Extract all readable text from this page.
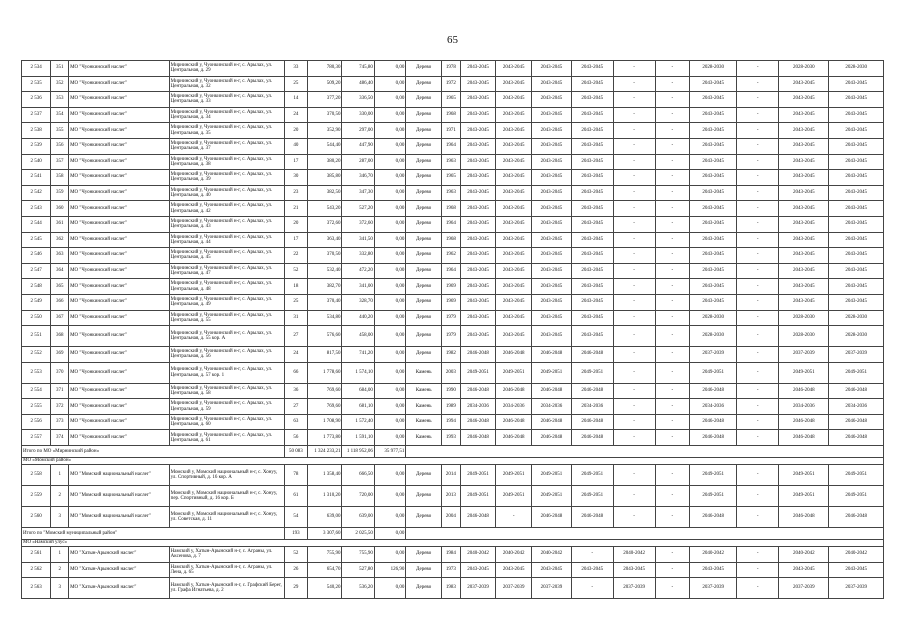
65
2 534	351	МО "Чуонкинский наслег"	Мирнинский у, Чуонкинский н-г, с. Арылах, ул. Центральная, д. 29	33	780,30	745,80	0,00	Дерево	1978	2043-2045	2043-2045	2043-2045	2043-2045	-	-	2028-2030	-	2028-2030	2028-2030
2 535	352	МО "Чуонкинский наслег"	Мирнинский у, Чуонкинский н-г, с. Арылах, ул. Центральная, д. 32	25	509,20	486,40	0,00	Дерево	1972	2043-2045	2043-2045	2043-2045	2043-2045	-	-	2043-2045	-	2043-2045	2043-2045
2 536	353	МО "Чуонкинский наслег"	Мирнинский у, Чуонкинский н-г, с. Арылах, ул. Центральная, д. 33	14	377,20	336,50	0,00	Дерево	1965	2043-2045	2043-2045	2043-2045	2043-2045	-	-	2043-2045	-	2043-2045	2043-2045
2 537	354	МО "Чуонкинский наслег"	Мирнинский у, Чуонкинский н-г, с. Арылах, ул. Центральная, д. 34	24	370,50	330,00	0,00	Дерево	1968	2043-2045	2043-2045	2043-2045	2043-2045	-	-	2043-2045	-	2043-2045	2043-2045
2 538	355	МО "Чуонкинский наслег"	Мирнинский у, Чуонкинский н-г, с. Арылах, ул. Центральная, д. 35	20	352,90	297,00	0,00	Дерево	1971	2043-2045	2043-2045	2043-2045	2043-2045	-	-	2043-2045	-	2043-2045	2043-2045
2 539	356	МО "Чуонкинский наслег"	Мирнинский у, Чуонкинский н-г, с. Арылах, ул. Центральная, д. 37	40	544,40	447,90	0,00	Дерево	1964	2043-2045	2043-2045	2043-2045	2043-2045	-	-	2043-2045	-	2043-2045	2043-2045
2 540	357	МО "Чуонкинский наслег"	Мирнинский у, Чуонкинский н-г, с. Арылах, ул. Центральная, д. 38	17	380,20	287,00	0,00	Дерево	1963	2043-2045	2043-2045	2043-2045	2043-2045	-	-	2043-2045	-	2043-2045	2043-2045
2 541	358	МО "Чуонкинский наслег"	Мирнинский у, Чуонкинский н-г, с. Арылах, ул. Центральная, д. 39	30	385,80	346,70	0,00	Дерево	1965	2043-2045	2043-2045	2043-2045	2043-2045	-	-	2043-2045	-	2043-2045	2043-2045
2 542	359	МО "Чуонкинский наслег"	Мирнинский у, Чуонкинский н-г, с. Арылах, ул. Центральная, д. 40	23	382,50	347,30	0,00	Дерево	1963	2043-2045	2043-2045	2043-2045	2043-2045	-	-	2043-2045	-	2043-2045	2043-2045
2 543	360	МО "Чуонкинский наслег"	Мирнинский у, Чуонкинский н-г, с. Арылах, ул. Центральная, д. 42	21	543,20	527,20	0,00	Дерево	1968	2043-2045	2043-2045	2043-2045	2043-2045	-	-	2043-2045	-	2043-2045	2043-2045
2 544	361	МО "Чуонкинский наслег"	Мирнинский у, Чуонкинский н-г, с. Арылах, ул. Центральная, д. 43	20	372,60	372,60	0,00	Дерево	1964	2043-2045	2043-2045	2043-2045	2043-2045	-	-	2043-2045	-	2043-2045	2043-2045
2 545	362	МО "Чуонкинский наслег"	Мирнинский у, Чуонкинский н-г, с. Арылах, ул. Центральная, д. 44	17	363,40	341,50	0,00	Дерево	1968	2043-2045	2043-2045	2043-2045	2043-2045	-	-	2043-2045	-	2043-2045	2043-2045
2 546	363	МО "Чуонкинский наслег"	Мирнинский у, Чуонкинский н-г, с. Арылах, ул. Центральная, д. 45	22	370,50	332,80	0,00	Дерево	1962	2043-2045	2043-2045	2043-2045	2043-2045	-	-	2043-2045	-	2043-2045	2043-2045
2 547	364	МО "Чуонкинский наслег"	Мирнинский у, Чуонкинский н-г, с. Арылах, ул. Центральная, д. 47	52	532,40	472,20	0,00	Дерево	1964	2043-2045	2043-2045	2043-2045	2043-2045	-	-	2043-2045	-	2043-2045	2043-2045
2 548	365	МО "Чуонкинский наслег"	Мирнинский у, Чуонкинский н-г, с. Арылах, ул. Центральная, д. 48	18	382,70	341,00	0,00	Дерево	1969	2043-2045	2043-2045	2043-2045	2043-2045	-	-	2043-2045	-	2043-2045	2043-2045
2 549	366	МО "Чуонкинский наслег"	Мирнинский у, Чуонкинский н-г, с. Арылах, ул. Центральная, д. 49	25	370,40	328,70	0,00	Дерево	1969	2043-2045	2043-2045	2043-2045	2043-2045	-	-	2043-2045	-	2043-2045	2043-2045
2 550	367	МО "Чуонкинский наслег"	Мирнинский у, Чуонкинский н-г, с. Арылах, ул. Центральная, д. 55	31	534,80	440,20	0,00	Дерево	1979	2043-2045	2043-2045	2043-2045	2043-2045	-	-	2028-2030	-	2028-2030	2028-2030
2 551	368	МО "Чуонкинский наслег"	Мирнинский у, Чуонкинский н-г, с. Арылах, ул. Центральная, д. 55 кор. А	27	576,60	458,00	0,00	Дерево	1979	2043-2045	2043-2045	2043-2045	2043-2045	-	-	2028-2030	-	2028-2030	2028-2030
2 552	369	МО "Чуонкинский наслег"	Мирнинский у, Чуонкинский н-г, с. Арылах, ул. Центральная, д. 56	24	817,50	741,20	0,00	Дерево	1982	2046-2048	2046-2048	2046-2048	2046-2048	-	-	2037-2039	-	2037-2039	2037-2039
2 553	370	МО "Чуонкинский наслег"	Мирнинский у, Чуонкинский н-г, с. Арылах, ул. Центральная, д. 57 кор. 1	66	1 778,60	1 574,10	0,00	Камень	2003	2049-2051	2049-2051	2049-2051	2049-2051	-	-	2049-2051	-	2049-2051	2049-2051
2 554	371	МО "Чуонкинский наслег"	Мирнинский у, Чуонкинский н-г, с. Арылах, ул. Центральная, д. 58	36	769,60	684,00	0,00	Камень	1990	2046-2048	2046-2048	2046-2048	2046-2048	-	-	2046-2048	-	2046-2048	2046-2048
2 555	372	МО "Чуонкинский наслег"	Мирнинский у, Чуонкинский н-г, с. Арылах, ул. Центральная, д. 59	27	769,60	681,10	0,00	Камень	1989	2034-2036	2034-2036	2034-2036	2034-2036	-	-	2034-2036	-	2034-2036	2034-2036
2 556	373	МО "Чуонкинский наслег"	Мирнинский у, Чуонкинский н-г, с. Арылах, ул. Центральная, д. 60	63	1 708,90	1 572,40	0,00	Камень	1994	2046-2048	2046-2048	2046-2048	2046-2048	-	-	2046-2048	-	2046-2048	2046-2048
2 557	374	МО "Чуонкинский наслег"	Мирнинский у, Чуонкинский н-г, с. Арылах, ул. Центральная, д. 61	56	1 773,80	1 591,10	0,00	Камень	1993	2046-2048	2046-2048	2046-2048	2046-2048	-	-	2046-2048	-	2046-2048	2046-2048
Итого по МО «Мирнинский район»				50 083	1 324 233,21	1 118 952,06	35 977,51												
МО «Момский район»																			
2 558	1	МО "Момский национальный наслег"	Момский у, Момский национальный н-г, с. Хонуу, ул. Спортивный, д. 16 кор. А	78	1 358,40	666,50	0,00	Дерево	2014	2049-2051	2049-2051	2049-2051	2049-2051	-	-	2049-2051	-	2049-2051	2049-2051
2 559	2	МО "Момский национальный наслег"	Момский у, Момский национальный н-г, с. Хонуу, пер. Спортивный, д. 16 кор. Б	61	1 310,20	720,00	0,00	Дерево	2013	2049-2051	2049-2051	2049-2051	2049-2051	-	-	2049-2051	-	2049-2051	2049-2051
2 560	3	МО "Момский национальный наслег"	Момский у, Момский национальный н-г, с. Хонуу, ул. Советская, д. 11	54	639,00	639,00	0,00	Дерево	2004	2046-2048	-	2046-2048	2046-2048	-	-	2046-2048	-	2046-2048	2046-2048
Итого по "Момский муниципальный район"				193	3 307,60	2 025,50	0,00												
МО «Намский улус»																			
2 561	1	МО "Хатын-Арынский наслег"	Намский у, Хатын-Арынский н-г, с. Аграны, ул. Аксенова, д. 7	52	755,90	755,90	0,00	Дерево	1984	2040-2042	2040-2042	2040-2042	-	2040-2042	-	2040-2042	-	2040-2042	2040-2042
2 562	2	МО "Хатын-Арынский наслег"	Намский у, Хатын-Арынский н-г, с. Аграны, ул. Лена, д. 65	26	654,70	527,80	126,90	Дерево	1973	2043-2045	2043-2045	2043-2045	2043-2045	2043-2045	-	2043-2045	-	2043-2045	2043-2045
2 563	3	МО "Хатын-Арынский наслег"	Намский у, Хатын-Арынский н-г, с. Графский Берег, ул. Графа Игнатьева, д. 2	29	540,20	536,20	0,00	Дерево	1983	2037-2039	2037-2039	2037-2039	-	2037-2039	-	2037-2039	-	2037-2039	2037-2039
